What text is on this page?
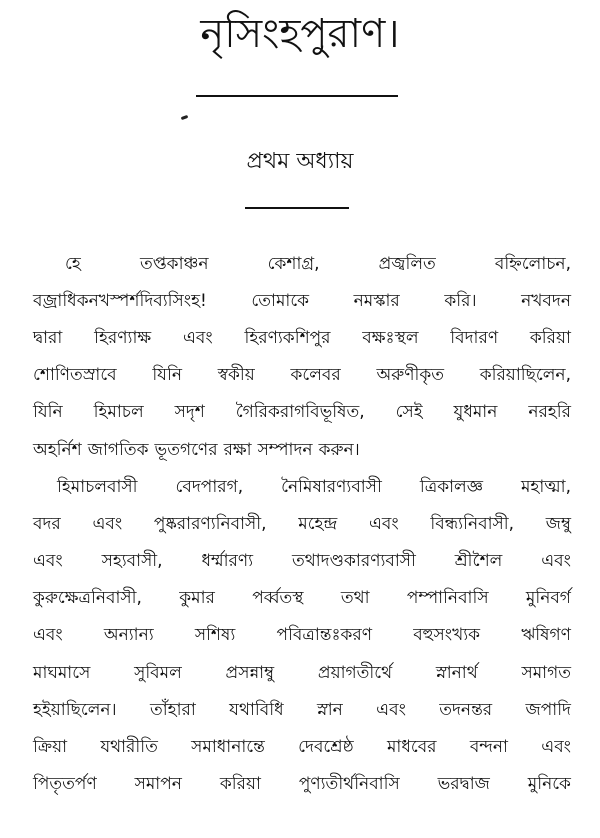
নৃসিংহপুরাণ।
প্রথম অধ্যায়
হে	তপ্তকাঞ্চন	কেশাগ্র,	প্রজ্বলিত	বহ্নিলোচন,
বজ্রাধিকনখস্পর্শদিব্যসিংহ!	তোমাকে	নমস্কার	করি।	নখবদন
দ্বারা হিরণ্যাক্ষ এবং হিরণ্যকশিপুর বক্ষঃস্থল বিদারণ করিয়া
শোণিতস্রাবে যিনি স্বকীয় কলেবর অরুণীকৃত করিয়াছিলেন,
যিনি হিমাচল সদৃশ গৈরিকরাগবিভূষিত, সেই যুধমান নরহরি
অহর্নিশ জাগতিক ভূতগণের রক্ষা সম্পাদন করুন।
হিমাচলবাসী বেদপারগ, নৈমিষারণ্যবাসী ত্রিকালজ্ঞ মহাত্মা,
বদর এবং পুষ্করারণ্যনিবাসী, মহেন্দ্র এবং বিন্ধ্যনিবাসী, জম্বু
এবং সহ্যবাসী, ধর্ম্মারণ্য তথাদণ্ডকারণ্যবাসী শ্রীশৈল এবং
কুরুক্ষেত্রনিবাসী, কুমার পর্ব্বতস্থ তথা পম্পানিবাসি মুনিবর্গ
এবং অন্যান্য সশিষ্য পবিত্রান্তঃকরণ বহুসংখ্যক ঋষিগণ
মাঘমাসে	সুবিমল	প্রসন্নাম্বু	প্রয়াগতীর্থে	স্নানার্থ	সমাগত
হইয়াছিলেন। তাঁহারা যথাবিধি স্নান এবং তদনন্তর জপাদি
ক্রিয়া যথারীতি সমাধানান্তে দেবশ্রেষ্ঠ মাধবের বন্দনা এবং
পিতৃতর্পণ সমাপন করিয়া পুণ্যতীর্থনিবাসি ভরদ্বাজ মুনিকে
